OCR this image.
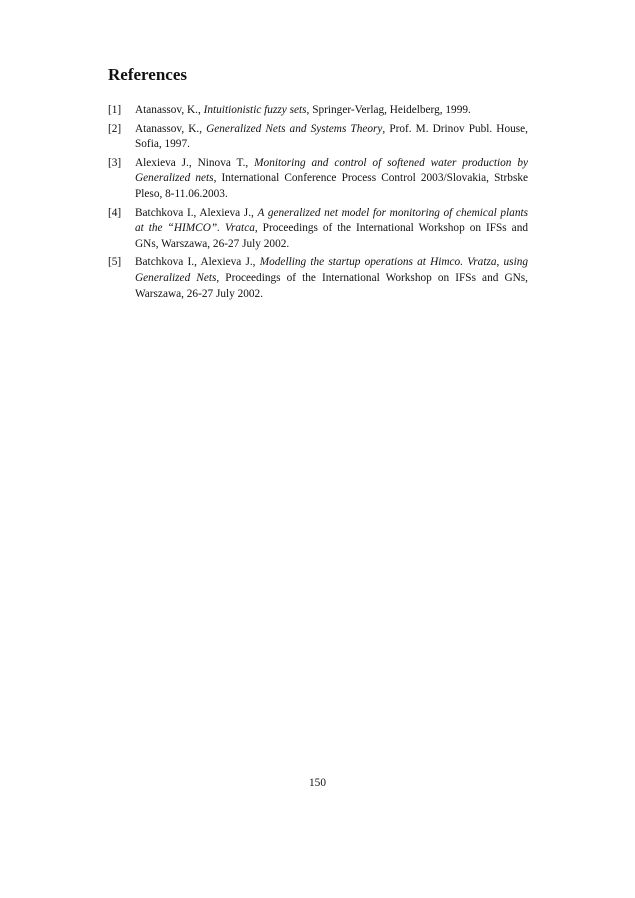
References
[1] Atanassov, K., Intuitionistic fuzzy sets, Springer-Verlag, Heidelberg, 1999.
[2] Atanassov, K., Generalized Nets and Systems Theory, Prof. M. Drinov Publ. House, Sofia, 1997.
[3] Alexieva J., Ninova T., Monitoring and control of softened water production by Generalized nets, International Conference Process Control 2003/Slovakia, Strbske Pleso, 8-11.06.2003.
[4] Batchkova I., Alexieva J., A generalized net model for monitoring of chemical plants at the “HIMCO”. Vratca, Proceedings of the International Workshop on IFSs and GNs, Warszawa, 26-27 July 2002.
[5] Batchkova I., Alexieva J., Modelling the startup operations at Himco. Vratza, using Generalized Nets, Proceedings of the International Workshop on IFSs and GNs, Warszawa, 26-27 July 2002.
150
